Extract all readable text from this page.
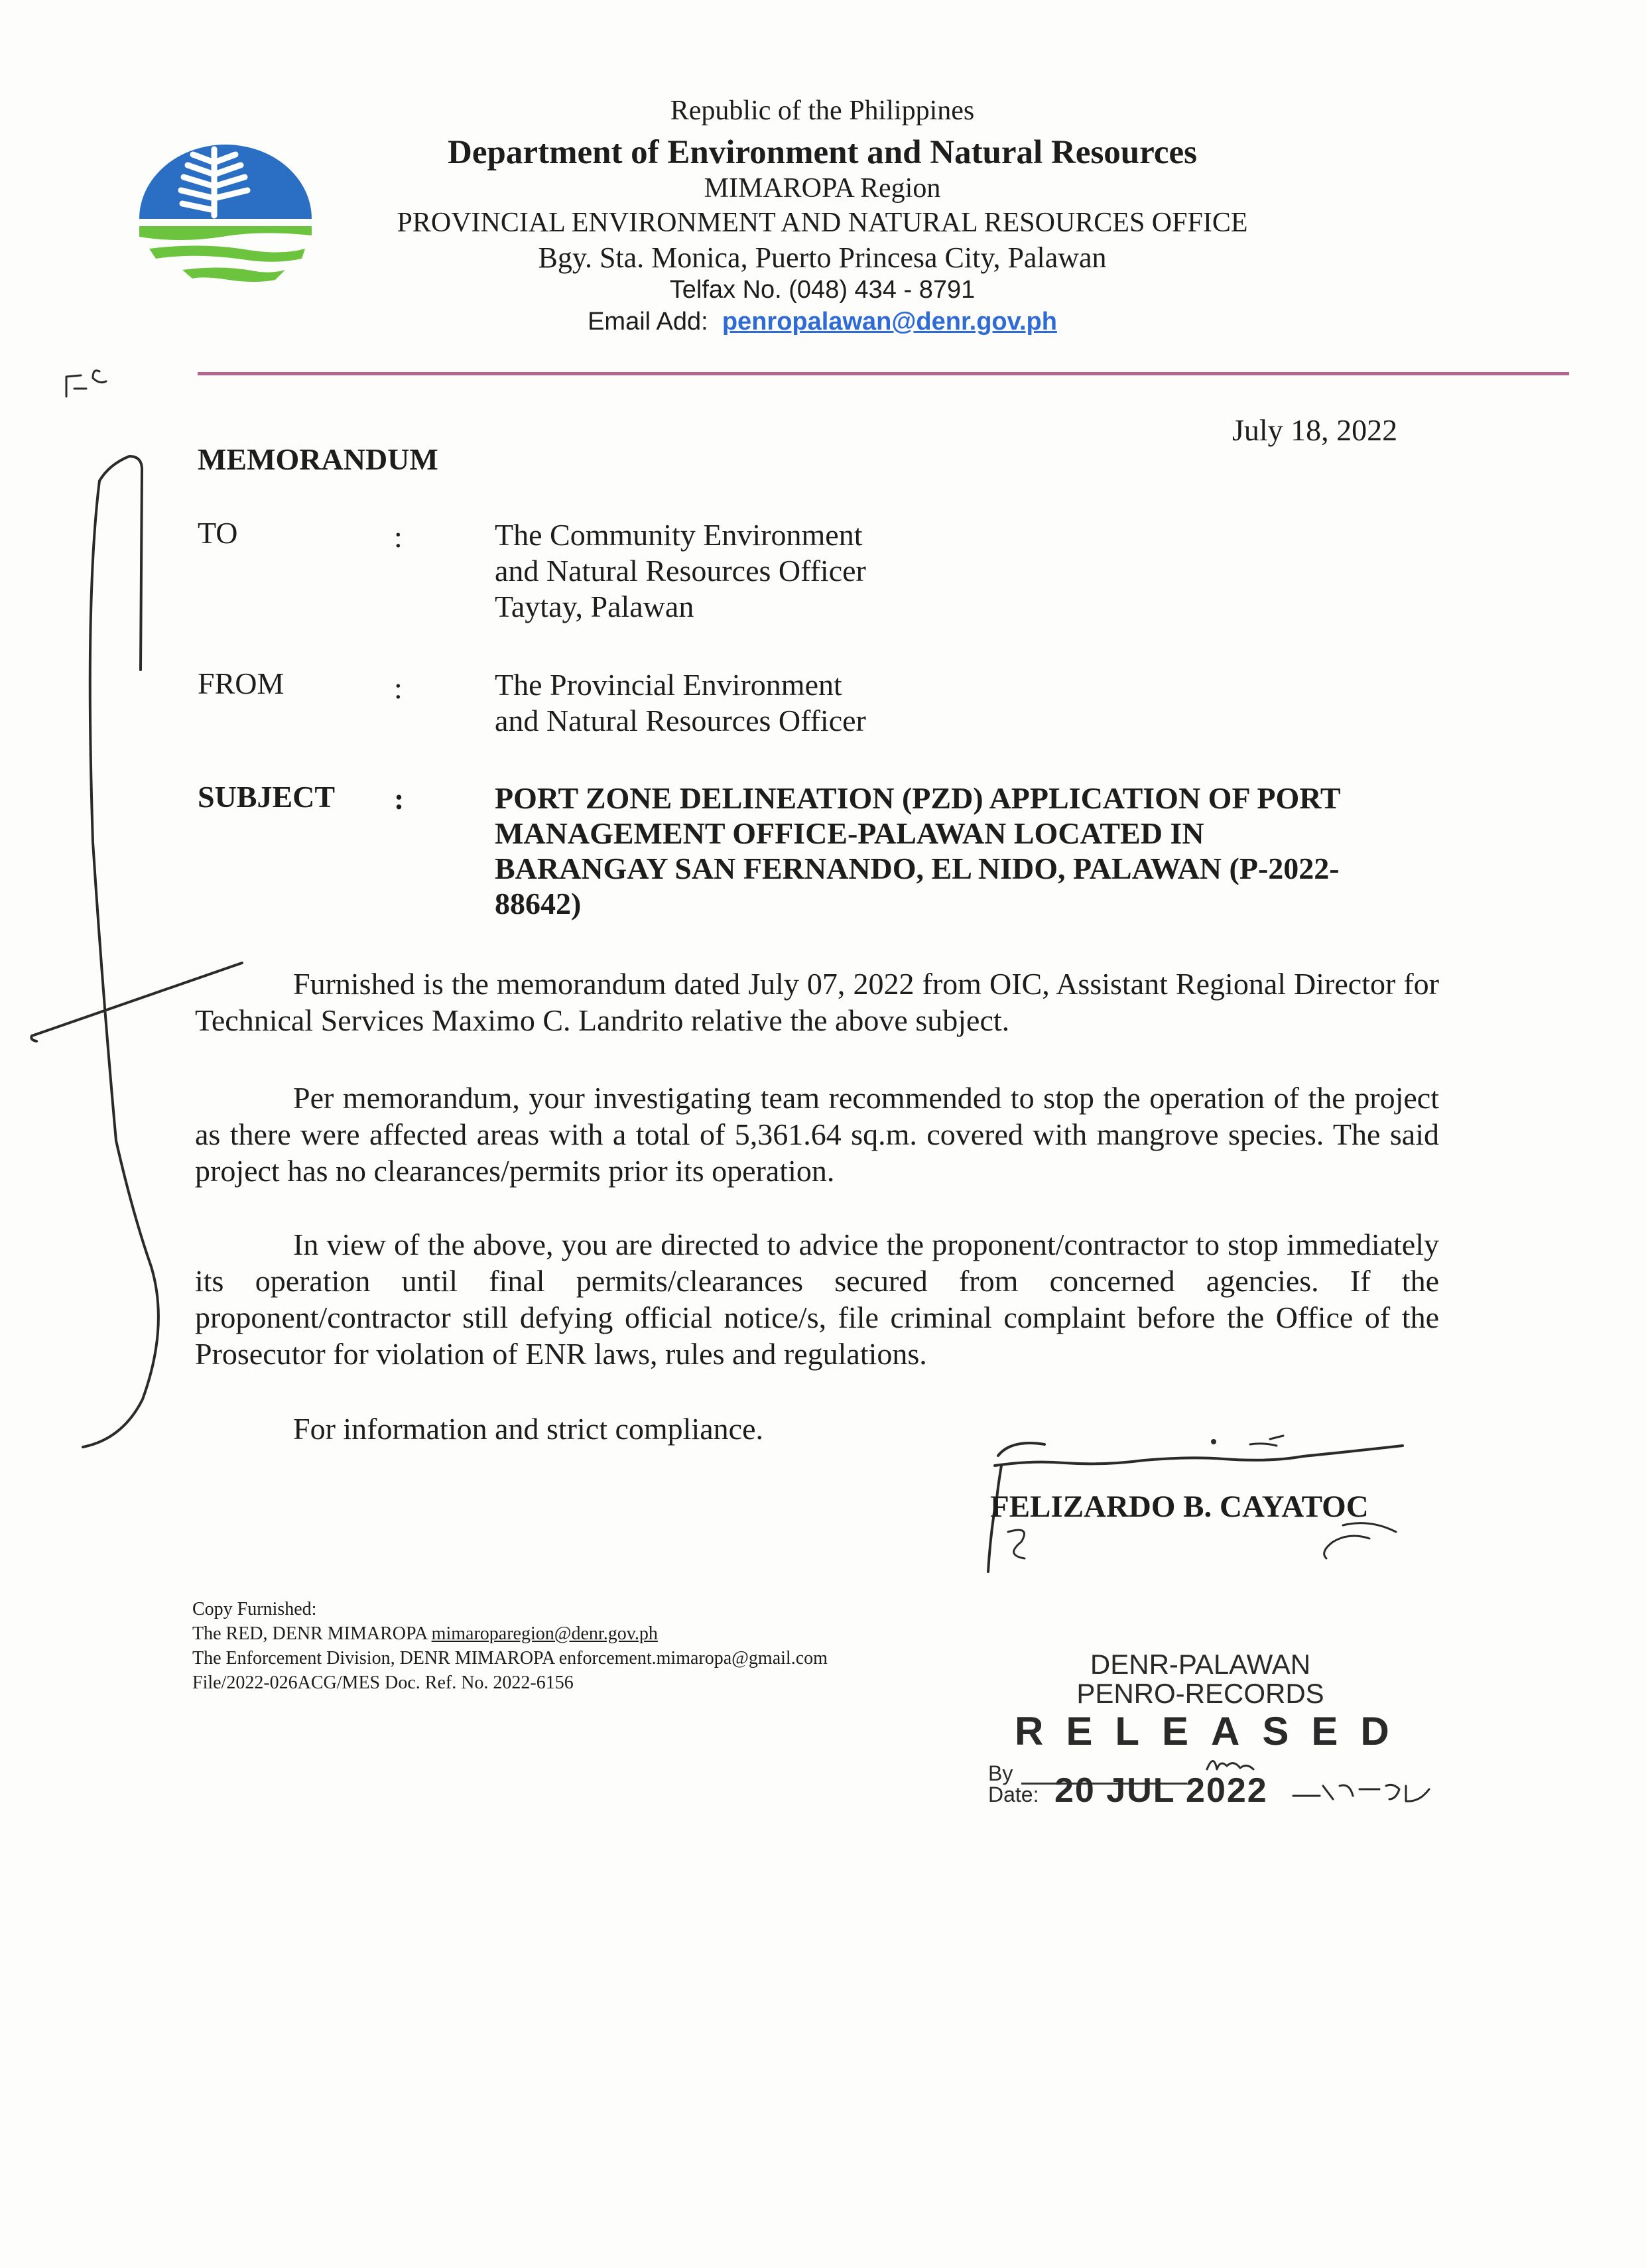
Republic of the Philippines
Department of Environment and Natural Resources
MIMAROPA Region
PROVINCIAL ENVIRONMENT AND NATURAL RESOURCES OFFICE
Bgy. Sta. Monica, Puerto Princesa City, Palawan
Telfax No. (048) 434 - 8791
Email Add: penropalawan@denr.gov.ph
July 18, 2022
MEMORANDUM
TO	:	The Community Environment
and Natural Resources Officer
Taytay, Palawan
FROM	:	The Provincial Environment
and Natural Resources Officer
SUBJECT :	PORT ZONE DELINEATION (PZD) APPLICATION OF PORT
MANAGEMENT OFFICE-PALAWAN LOCATED IN
BARANGAY SAN FERNANDO, EL NIDO, PALAWAN (P-2022-
88642)
Furnished is the memorandum dated July 07, 2022 from OIC, Assistant Regional Director for Technical Services Maximo C. Landrito relative the above subject.
Per memorandum, your investigating team recommended to stop the operation of the project as there were affected areas with a total of 5,361.64 sq.m. covered with mangrove species. The said project has no clearances/permits prior its operation.
In view of the above, you are directed to advice the proponent/contractor to stop immediately its operation until final permits/clearances secured from concerned agencies. If the proponent/contractor still defying official notice/s, file criminal complaint before the Office of the Prosecutor for violation of ENR laws, rules and regulations.
For information and strict compliance.
FELIZARDO B. CAYATOC
Copy Furnished:
The RED, DENR MIMAROPA mimaroparegion@denr.gov.ph
The Enforcement Division, DENR MIMAROPA enforcement.mimaropa@gmail.com
File/2022-026ACG/MES Doc. Ref. No. 2022-6156
DENR-PALAWAN
PENRO-RECORDS
RELEASED
By
Date: 20 JUL 2022
